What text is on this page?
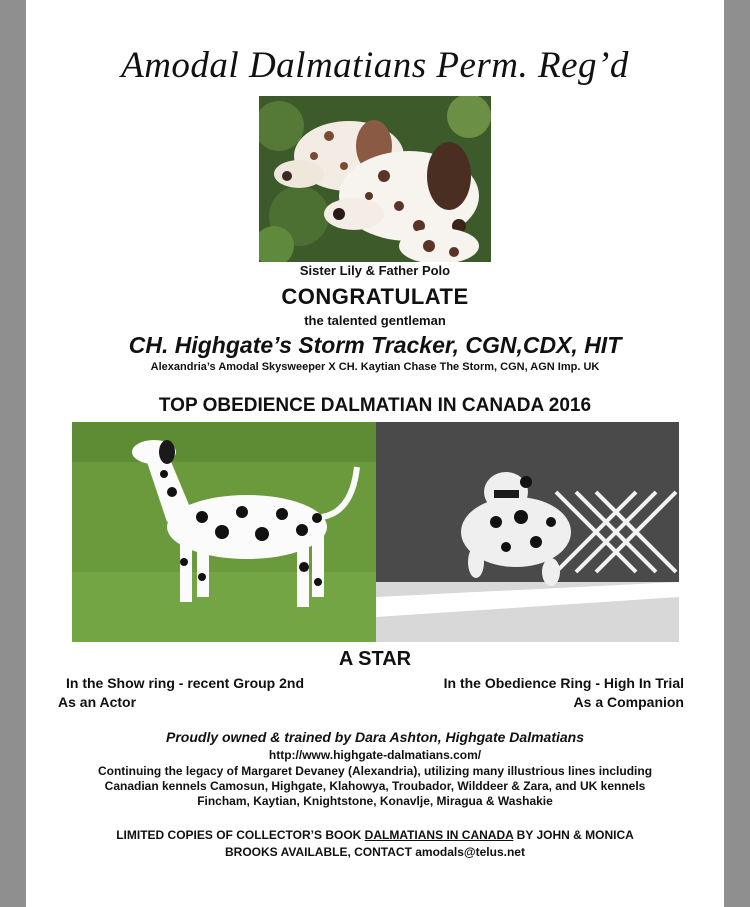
Amodal Dalmatians Perm. Reg’d
Sister Lily & Father Polo
CONGRATULATE
the talented gentleman
CH. Highgate’s Storm Tracker, CGN,CDX, HIT
Alexandria’s Amodal Skysweeper X CH. Kaytian Chase The Storm, CGN, AGN Imp. UK
TOP OBEDIENCE DALMATIAN IN CANADA 2016
A STAR
In the Show ring - recent Group 2nd
As an Actor
In the Obedience Ring - High In Trial
As a Companion
Proudly owned & trained by Dara Ashton, Highgate Dalmatians
http://www.highgate-dalmatians.com/
Continuing the legacy of Margaret Devaney (Alexandria), utilizing many illustrious lines including
Canadian kennels Camosun, Highgate, Klahowya, Troubador, Wilddeer & Zara, and UK kennels
Fincham, Kaytian, Knightstone, Konavlje, Miragua & Washakie
LIMITED COPIES OF COLLECTOR’S BOOK DALMATIANS IN CANADA BY JOHN & MONICA
BROOKS AVAILABLE, CONTACT amodals@telus.net
